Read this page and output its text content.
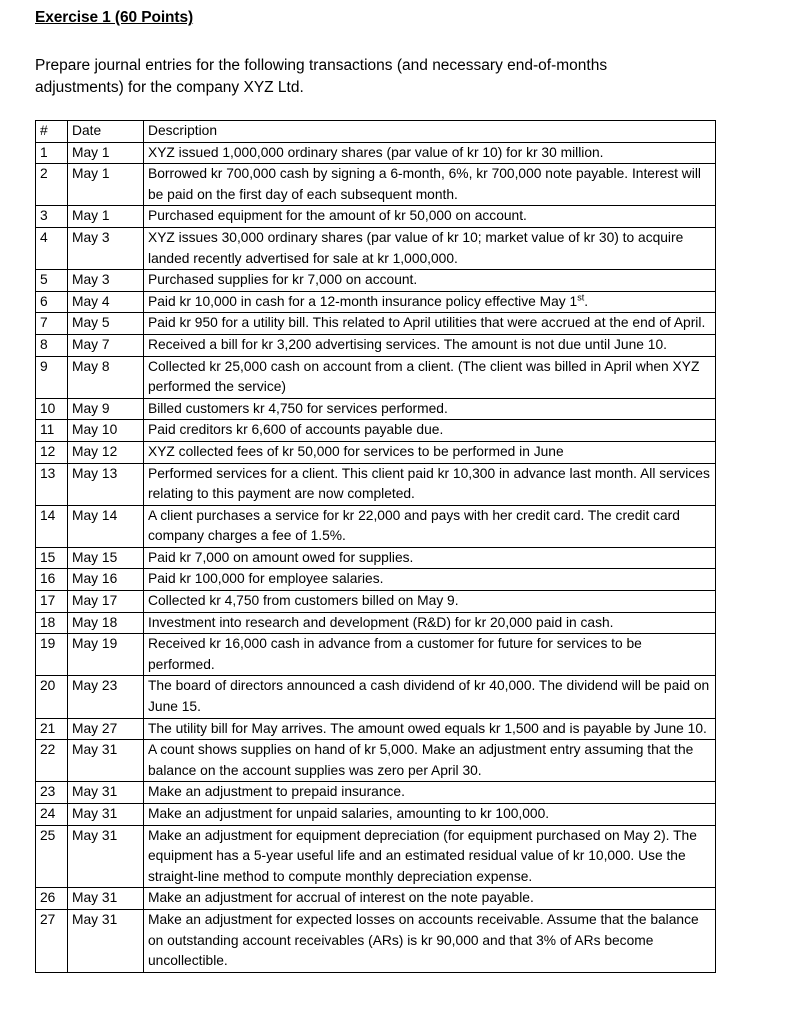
Exercise 1 (60 Points)
Prepare journal entries for the following transactions (and necessary end-of-months adjustments) for the company XYZ Ltd.
#	Date	Description
1	May 1	XYZ issued 1,000,000 ordinary shares (par value of kr 10) for kr 30 million.
2	May 1	Borrowed kr 700,000 cash by signing a 6-month, 6%, kr 700,000 note payable. Interest will be paid on the first day of each subsequent month.
3	May 1	Purchased equipment for the amount of kr 50,000 on account.
4	May 3	XYZ issues 30,000 ordinary shares (par value of kr 10; market value of kr 30) to acquire landed recently advertised for sale at kr 1,000,000.
5	May 3	Purchased supplies for kr 7,000 on account.
6	May 4	Paid kr 10,000 in cash for a 12-month insurance policy effective May 1st.
7	May 5	Paid kr 950 for a utility bill. This related to April utilities that were accrued at the end of April.
8	May 7	Received a bill for kr 3,200 advertising services. The amount is not due until June 10.
9	May 8	Collected kr 25,000 cash on account from a client. (The client was billed in April when XYZ performed the service)
10	May 9	Billed customers kr 4,750 for services performed.
11	May 10	Paid creditors kr 6,600 of accounts payable due.
12	May 12	XYZ collected fees of kr 50,000 for services to be performed in June
13	May 13	Performed services for a client. This client paid kr 10,300 in advance last month. All services relating to this payment are now completed.
14	May 14	A client purchases a service for kr 22,000 and pays with her credit card. The credit card company charges a fee of 1.5%.
15	May 15	Paid kr 7,000 on amount owed for supplies.
16	May 16	Paid kr 100,000 for employee salaries.
17	May 17	Collected kr 4,750 from customers billed on May 9.
18	May 18	Investment into research and development (R&D) for kr 20,000 paid in cash.
19	May 19	Received kr 16,000 cash in advance from a customer for future for services to be performed.
20	May 23	The board of directors announced a cash dividend of kr 40,000. The dividend will be paid on June 15.
21	May 27	The utility bill for May arrives. The amount owed equals kr 1,500 and is payable by June 10.
22	May 31	A count shows supplies on hand of kr 5,000. Make an adjustment entry assuming that the balance on the account supplies was zero per April 30.
23	May 31	Make an adjustment to prepaid insurance.
24	May 31	Make an adjustment for unpaid salaries, amounting to kr 100,000.
25	May 31	Make an adjustment for equipment depreciation (for equipment purchased on May 2). The equipment has a 5-year useful life and an estimated residual value of kr 10,000. Use the straight-line method to compute monthly depreciation expense.
26	May 31	Make an adjustment for accrual of interest on the note payable.
27	May 31	Make an adjustment for expected losses on accounts receivable. Assume that the balance on outstanding account receivables (ARs) is kr 90,000 and that 3% of ARs become uncollectible.
